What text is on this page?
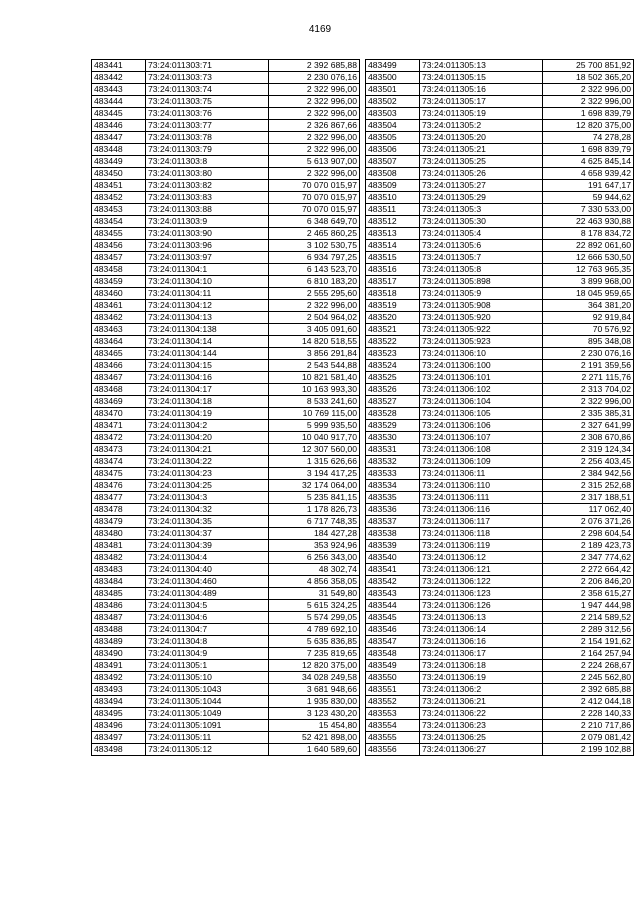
4169
483441	73:24:011303:71	2 392 685,88
483442	73:24:011303:73	2 230 076,16
483443	73:24:011303:74	2 322 996,00
483444	73:24:011303:75	2 322 996,00
483445	73:24:011303:76	2 322 996,00
483446	73:24:011303:77	2 326 867,66
483447	73:24:011303:78	2 322 996,00
483448	73:24:011303:79	2 322 996,00
483449	73:24:011303:8	5 613 907,00
483450	73:24:011303:80	2 322 996,00
483451	73:24:011303:82	70 070 015,97
483452	73:24:011303:83	70 070 015,97
483453	73:24:011303:88	70 070 015,97
483454	73:24:011303:9	6 348 649,70
483455	73:24:011303:90	2 465 860,25
483456	73:24:011303:96	3 102 530,75
483457	73:24:011303:97	6 934 797,25
483458	73:24:011304:1	6 143 523,70
483459	73:24:011304:10	6 810 183,20
483460	73:24:011304:11	2 555 295,60
483461	73:24:011304:12	2 322 996,00
483462	73:24:011304:13	2 504 964,02
483463	73:24:011304:138	3 405 091,60
483464	73:24:011304:14	14 820 518,55
483465	73:24:011304:144	3 856 291,84
483466	73:24:011304:15	2 543 544,88
483467	73:24:011304:16	10 821 581,40
483468	73:24:011304:17	10 163 993,30
483469	73:24:011304:18	8 533 241,60
483470	73:24:011304:19	10 769 115,00
483471	73:24:011304:2	5 999 935,50
483472	73:24:011304:20	10 040 917,70
483473	73:24:011304:21	12 307 560,00
483474	73:24:011304:22	1 315 626,66
483475	73:24:011304:23	3 194 417,25
483476	73:24:011304:25	32 174 064,00
483477	73:24:011304:3	5 235 841,15
483478	73:24:011304:32	1 178 826,73
483479	73:24:011304:35	6 717 748,35
483480	73:24:011304:37	184 427,28
483481	73:24:011304:39	353 924,96
483482	73:24:011304:4	6 256 343,00
483483	73:24:011304:40	48 302,74
483484	73:24:011304:460	4 856 358,05
483485	73:24:011304:489	31 549,80
483486	73:24:011304:5	5 615 324,25
483487	73:24:011304:6	5 574 299,05
483488	73:24:011304:7	4 789 692,10
483489	73:24:011304:8	5 635 836,85
483490	73:24:011304:9	7 235 819,65
483491	73:24:011305:1	12 820 375,00
483492	73:24:011305:10	34 028 249,58
483493	73:24:011305:1043	3 681 948,66
483494	73:24:011305:1044	1 935 830,00
483495	73:24:011305:1049	3 123 430,20
483496	73:24:011305:1091	15 454,80
483497	73:24:011305:11	52 421 898,00
483498	73:24:011305:12	1 640 589,60
483499	73:24:011305:13	25 700 851,92
483500	73:24:011305:15	18 502 365,20
483501	73:24:011305:16	2 322 996,00
483502	73:24:011305:17	2 322 996,00
483503	73:24:011305:19	1 698 839,79
483504	73:24:011305:2	12 820 375,00
483505	73:24:011305:20	74 278,28
483506	73:24:011305:21	1 698 839,79
483507	73:24:011305:25	4 625 845,14
483508	73:24:011305:26	4 658 939,42
483509	73:24:011305:27	191 647,17
483510	73:24:011305:29	59 944,62
483511	73:24:011305:3	7 330 533,00
483512	73:24:011305:30	22 463 930,88
483513	73:24:011305:4	8 178 834,72
483514	73:24:011305:6	22 892 061,60
483515	73:24:011305:7	12 666 530,50
483516	73:24:011305:8	12 763 965,35
483517	73:24:011305:898	3 899 968,00
483518	73:24:011305:9	18 045 959,65
483519	73:24:011305:908	364 381,20
483520	73:24:011305:920	92 919,84
483521	73:24:011305:922	70 576,92
483522	73:24:011305:923	895 348,08
483523	73:24:011306:10	2 230 076,16
483524	73:24:011306:100	2 191 359,56
483525	73:24:011306:101	2 271 115,76
483526	73:24:011306:102	2 313 704,02
483527	73:24:011306:104	2 322 996,00
483528	73:24:011306:105	2 335 385,31
483529	73:24:011306:106	2 327 641,99
483530	73:24:011306:107	2 308 670,86
483531	73:24:011306:108	2 319 124,34
483532	73:24:011306:109	2 256 403,45
483533	73:24:011306:11	2 384 942,56
483534	73:24:011306:110	2 315 252,68
483535	73:24:011306:111	2 317 188,51
483536	73:24:011306:116	117 062,40
483537	73:24:011306:117	2 076 371,26
483538	73:24:011306:118	2 298 604,54
483539	73:24:011306:119	2 189 423,73
483540	73:24:011306:12	2 347 774,62
483541	73:24:011306:121	2 272 664,42
483542	73:24:011306:122	2 206 846,20
483543	73:24:011306:123	2 358 615,27
483544	73:24:011306:126	1 947 444,98
483545	73:24:011306:13	2 214 589,52
483546	73:24:011306:14	2 289 312,56
483547	73:24:011306:16	2 154 191,62
483548	73:24:011306:17	2 164 257,94
483549	73:24:011306:18	2 224 268,67
483550	73:24:011306:19	2 245 562,80
483551	73:24:011306:2	2 392 685,88
483552	73:24:011306:21	2 412 044,18
483553	73:24:011306:22	2 228 140,33
483554	73:24:011306:23	2 210 717,86
483555	73:24:011306:25	2 079 081,42
483556	73:24:011306:27	2 199 102,88
